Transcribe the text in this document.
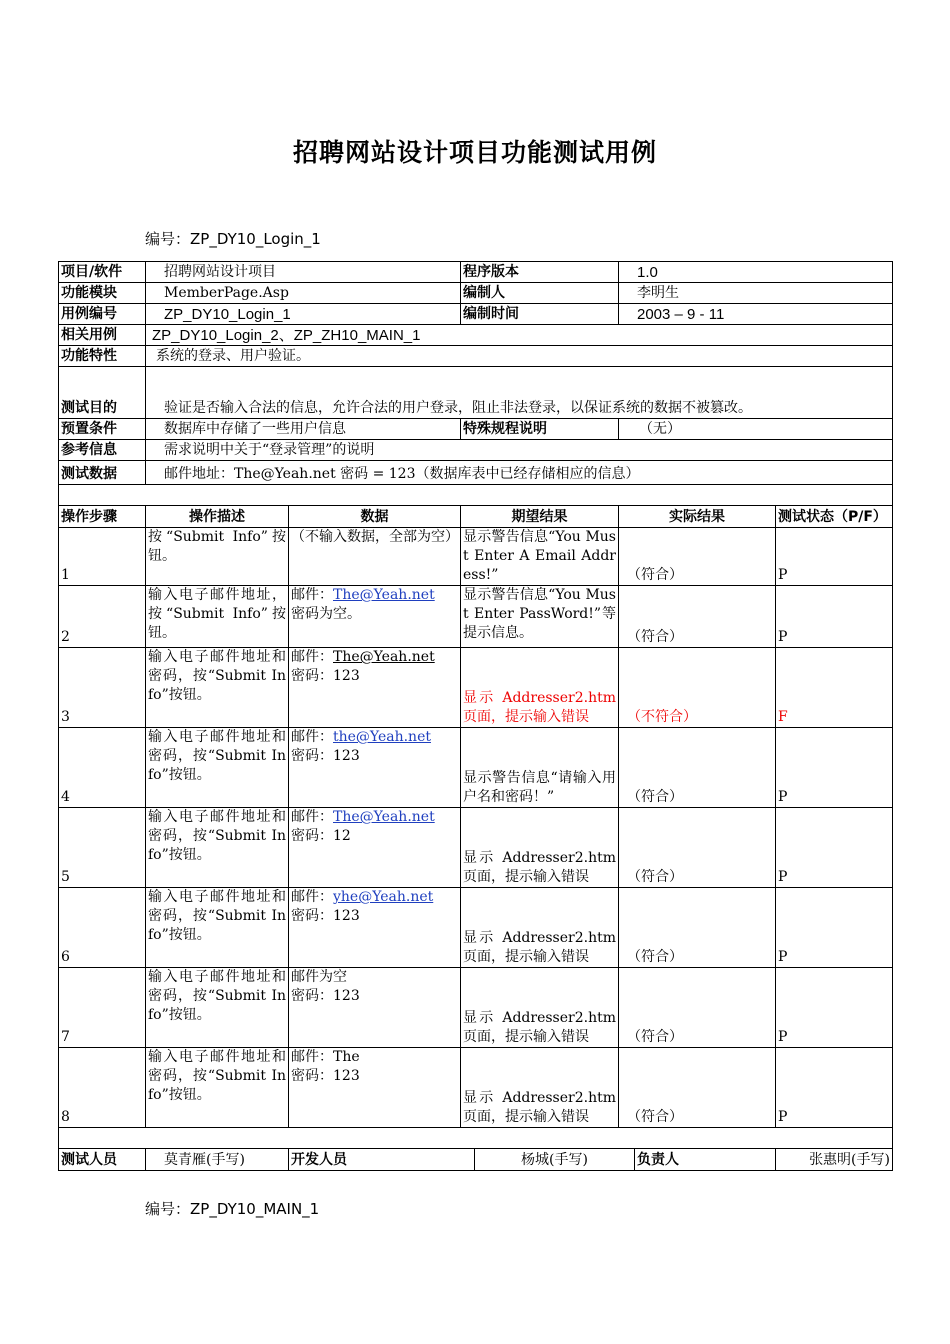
招聘网站设计项目功能测试用例
编号：ZP_DY10_Login_1
项目/软件	招聘网站设计项目		程序版本		1.0		
功能模块	MemberPage.Asp		编制人		李明生		
用例编号	ZP_DY10_Login_1		编制时间		2003 – 9 - 11		
相关用例	ZP_DY10_Login_2、ZP_ZH10_MAIN_1						
功能特性	系统的登录、用户验证。						
测试目的	验证是否输入合法的信息，允许合法的用户登录，阻止非法登录，以保证系统的数据不被篡改。						
预置条件	数据库中存储了一些用户信息		特殊规程说明		（无）		
参考信息	需求说明中关于“登录管理”的说明						
测试数据	邮件地址：The@Yeah.net 密码 = 123（数据库表中已经存储相应的信息）						

操作步骤	操作描述	数据	期望结果		实际结果		测试状态（P/F）
1	按“Submit Info”按钮。	（不输入数据，全部为空）	显示警告信息“You Must Enter A Email Address!”		（符合）		P
2	输入电子邮件地址，按“Submit Info”按钮。	邮件：The@Yeah.net
密码为空。	显示警告信息“You Must Enter PassWord!”等提示信息。		（符合）		P
3	输入电子邮件地址和密码，按“Submit Info”按钮。	邮件：The@Yeah.net
密码：123	显示 Addresser2.htm 页面，提示输入错误		（不符合）		F
4	输入电子邮件地址和密码，按“Submit Info”按钮。	邮件：the@Yeah.net
密码：123	显示警告信息“请输入用户名和密码！”		（符合）		P
5	输入电子邮件地址和密码，按“Submit Info”按钮。	邮件：The@Yeah.net
密码：12	显示 Addresser2.htm 页面，提示输入错误		（符合）		P
6	输入电子邮件地址和密码，按“Submit Info”按钮。	邮件：yhe@Yeah.net
密码：123	显示 Addresser2.htm 页面，提示输入错误		（符合）		P
7	输入电子邮件地址和密码，按“Submit Info”按钮。	邮件为空
密码：123	显示 Addresser2.htm 页面，提示输入错误		（符合）		P
8	输入电子邮件地址和密码，按“Submit Info”按钮。	邮件：The
密码：123	显示 Addresser2.htm 页面，提示输入错误		（符合）		P

测试人员	莫青雁(手写)	开发人员		杨城(手写)		负责人	张惠明(手写)
编号：ZP_DY10_MAIN_1
